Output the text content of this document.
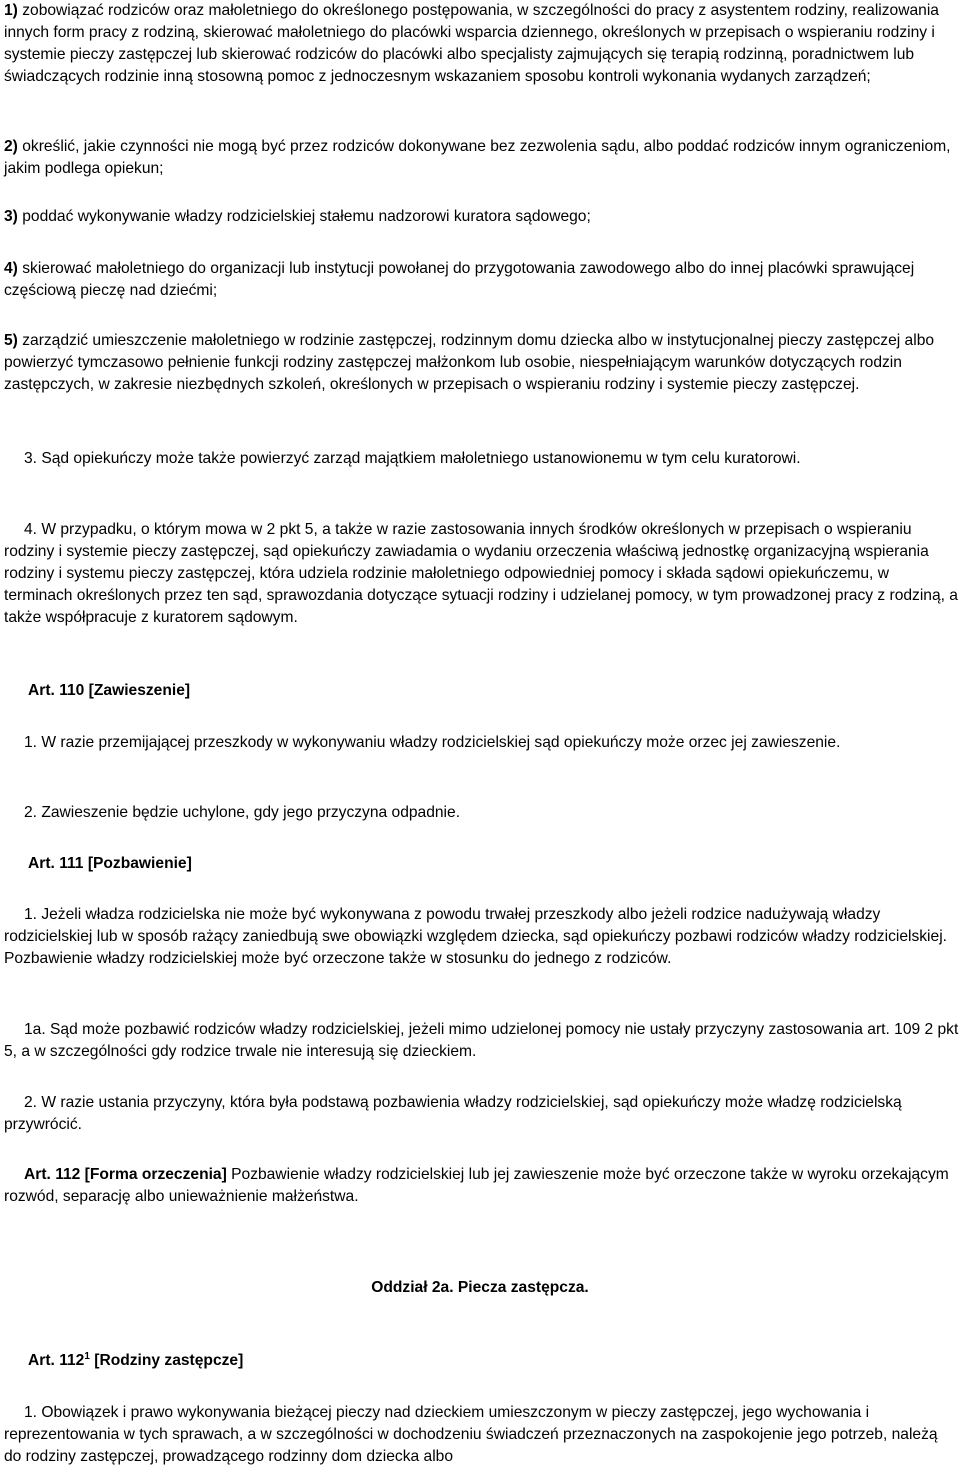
1) zobowiązać rodziców oraz małoletniego do określonego postępowania, w szczególności do pracy z asystentem rodziny, realizowania innych form pracy z rodziną, skierować małoletniego do placówki wsparcia dziennego, określonych w przepisach o wspieraniu rodziny i systemie pieczy zastępczej lub skierować rodziców do placówki albo specjalisty zajmujących się terapią rodzinną, poradnictwem lub świadczących rodzinie inną stosowną pomoc z jednoczesnym wskazaniem sposobu kontroli wykonania wydanych zarządzeń;

2) określić, jakie czynności nie mogą być przez rodziców dokonywane bez zezwolenia sądu, albo poddać rodziców innym ograniczeniom, jakim podlega opiekun;

3) poddać wykonywanie władzy rodzicielskiej stałemu nadzorowi kuratora sądowego;

4) skierować małoletniego do organizacji lub instytucji powołanej do przygotowania zawodowego albo do innej placówki sprawującej częściową pieczę nad dziećmi;

5) zarządzić umieszczenie małoletniego w rodzinie zastępczej, rodzinnym domu dziecka albo w instytucjonalnej pieczy zastępczej albo powierzyć tymczasowo pełnienie funkcji rodziny zastępczej małżonkom lub osobie, niespełniającym warunków dotyczących rodzin zastępczych, w zakresie niezbędnych szkoleń, określonych w przepisach o wspieraniu rodziny i systemie pieczy zastępczej.

3. Sąd opiekuńczy może także powierzyć zarząd majątkiem małoletniego ustanowionemu w tym celu kuratorowi.

4. W przypadku, o którym mowa w 2 pkt 5, a także w razie zastosowania innych środków określonych w przepisach o wspieraniu rodziny i systemie pieczy zastępczej, sąd opiekuńczy zawiadamia o wydaniu orzeczenia właściwą jednostkę organizacyjną wspierania rodziny i systemu pieczy zastępczej, która udziela rodzinie małoletniego odpowiedniej pomocy i składa sądowi opiekuńczemu, w terminach określonych przez ten sąd, sprawozdania dotyczące sytuacji rodziny i udzielanej pomocy, w tym prowadzonej pracy z rodziną, a także współpracuje z kuratorem sądowym.

Art. 110 [Zawieszenie]

1. W razie przemijającej przeszkody w wykonywaniu władzy rodzicielskiej sąd opiekuńczy może orzec jej zawieszenie.

2. Zawieszenie będzie uchylone, gdy jego przyczyna odpadnie.

Art. 111 [Pozbawienie]

1. Jeżeli władza rodzicielska nie może być wykonywana z powodu trwałej przeszkody albo jeżeli rodzice nadużywają władzy rodzicielskiej lub w sposób rażący zaniedbują swe obowiązki względem dziecka, sąd opiekuńczy pozbawi rodziców władzy rodzicielskiej. Pozbawienie władzy rodzicielskiej może być orzeczone także w stosunku do jednego z rodziców.

1a. Sąd może pozbawić rodziców władzy rodzicielskiej, jeżeli mimo udzielonej pomocy nie ustały przyczyny zastosowania art. 109 2 pkt 5, a w szczególności gdy rodzice trwale nie interesują się dzieckiem.

2. W razie ustania przyczyny, która była podstawą pozbawienia władzy rodzicielskiej, sąd opiekuńczy może władzę rodzicielską przywrócić.

Art. 112 [Forma orzeczenia] Pozbawienie władzy rodzicielskiej lub jej zawieszenie może być orzeczone także w wyroku orzekającym rozwód, separację albo unieważnienie małżeństwa.

Oddział 2a. Piecza zastępcza.

Art. $112^1$ [Rodziny zastępcze]

1. Obowiązek i prawo wykonywania bieżącej pieczy nad dzieckiem umieszczonym w pieczy zastępczej, jego wychowania i reprezentowania w tych sprawach, a w szczególności w dochodzeniu świadczeń przeznaczonych na zaspokojenie jego potrzeb, należą do rodziny zastępczej, prowadzącego rodzinny dom dziecka albo
